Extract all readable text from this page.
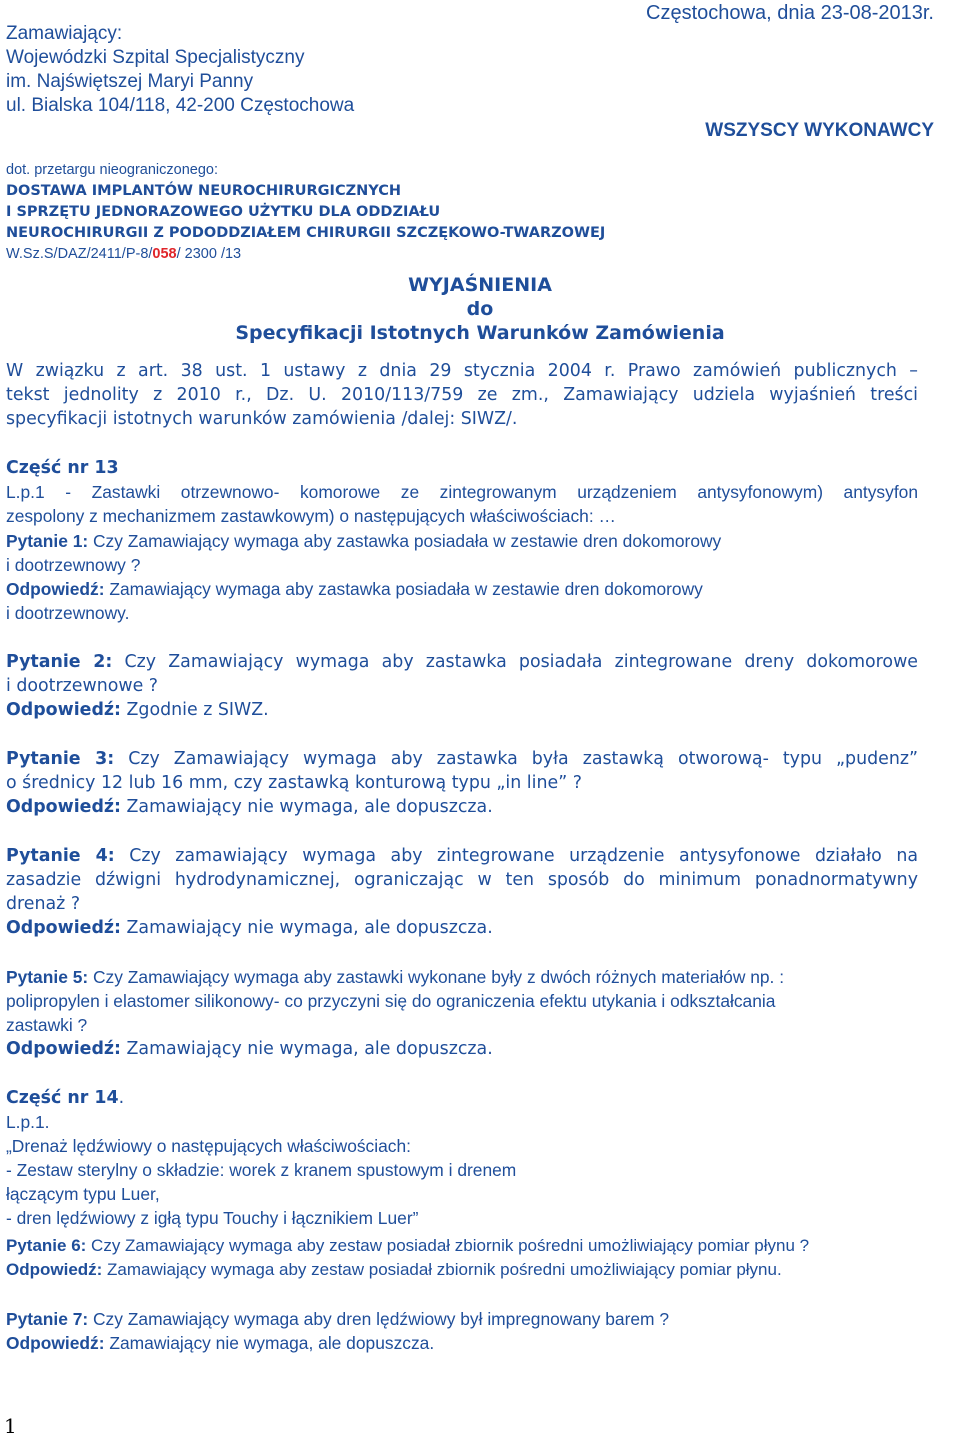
Zamawiający:
Wojewódzki Szpital Specjalistyczny
im. Najświętszej Maryi Panny
ul. Bialska 104/118, 42-200 Częstochowa
Częstochowa, dnia 23-08-2013r.
WSZYSCY WYKONAWCY
dot. przetargu nieograniczonego:
DOSTAWA IMPLANTÓW NEUROCHIRURGICZNYCH
I SPRZĘTU JEDNORAZOWEGO UŻYTKU DLA ODDZIAŁU
NEUROCHIRURGII Z PODODDZIAŁEM CHIRURGII SZCZĘKOWO-TWARZOWEJ
W.Sz.S/DAZ/2411/P-8/058/ 2300 /13
WYJAŚNIENIA
do
Specyfikacji Istotnych Warunków Zamówienia
W związku z art. 38 ust. 1 ustawy z dnia 29 stycznia 2004 r. Prawo zamówień publicznych –
tekst jednolity z 2010 r., Dz. U. 2010/113/759 ze zm., Zamawiający udziela wyjaśnień treści
specyfikacji istotnych warunków zamówienia /dalej: SIWZ/.
Część nr 13
L.p.1 - Zastawki otrzewnowo- komorowe ze zintegrowanym urządzeniem antysyfonowym) antysyfon
zespolony z mechanizmem zastawkowym) o następujących właściwościach: …
Pytanie 1: Czy Zamawiający wymaga aby zastawka posiadała w zestawie dren dokomorowy
i dootrzewnowy ?
Odpowiedź: Zamawiający wymaga aby zastawka posiadała w zestawie dren dokomorowy
i dootrzewnowy.
Pytanie 2: Czy Zamawiający wymaga aby zastawka posiadała zintegrowane dreny dokomorowe
i dootrzewnowe ?
Odpowiedź: Zgodnie z SIWZ.
Pytanie 3: Czy Zamawiający wymaga aby zastawka była zastawką otworową- typu „pudenz”
o średnicy 12 lub 16 mm, czy zastawką konturową typu „in line” ?
Odpowiedź: Zamawiający nie wymaga, ale dopuszcza.
Pytanie 4: Czy zamawiający wymaga aby zintegrowane urządzenie antysyfonowe działało na
zasadzie dźwigni hydrodynamicznej, ograniczając w ten sposób do minimum ponadnormatywny
drenaż ?
Odpowiedź: Zamawiający nie wymaga, ale dopuszcza.
Pytanie 5: Czy Zamawiający wymaga aby zastawki wykonane były z dwóch różnych materiałów np. :
polipropylen i elastomer silikonowy- co przyczyni się do ograniczenia efektu utykania i odkształcania
zastawki ?
Odpowiedź: Zamawiający nie wymaga, ale dopuszcza.
Część nr 14.
L.p.1.
„Drenaż lędźwiowy o następujących właściwościach:
- Zestaw sterylny o składzie: worek z kranem spustowym i drenem
łączącym typu Luer,
- dren lędźwiowy z igłą typu Touchy i łącznikiem Luer”
Pytanie 6: Czy Zamawiający wymaga aby zestaw posiadał zbiornik pośredni umożliwiający pomiar płynu ?
Odpowiedź: Zamawiający wymaga aby zestaw posiadał zbiornik pośredni umożliwiający pomiar płynu.
Pytanie 7: Czy Zamawiający wymaga aby dren lędźwiowy był impregnowany barem ?
Odpowiedź: Zamawiający nie wymaga, ale dopuszcza.
1
